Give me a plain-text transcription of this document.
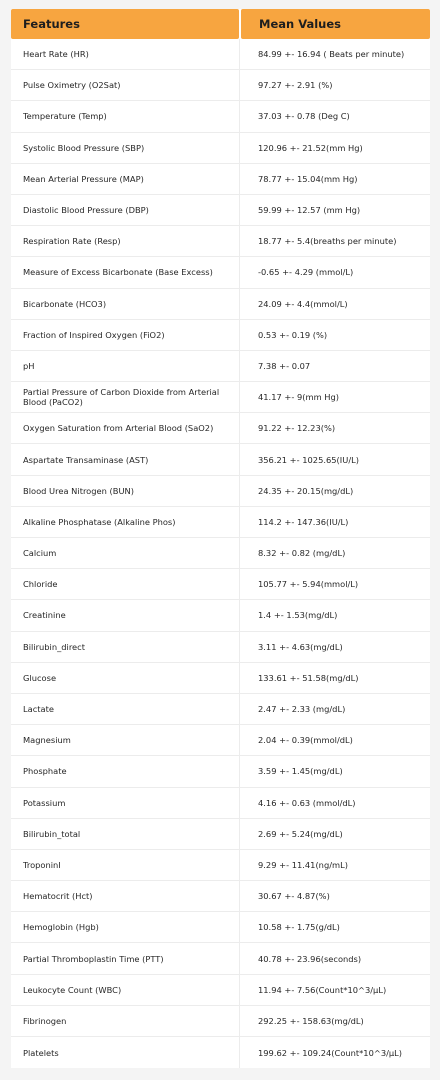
Features	Mean Values
Heart Rate (HR)	84.99 +- 16.94 ( Beats per minute)
Pulse Oximetry (O2Sat)	97.27 +- 2.91 (%)
Temperature (Temp)	37.03 +- 0.78 (Deg C)
Systolic Blood Pressure (SBP)	120.96 +- 21.52(mm Hg)
Mean Arterial Pressure (MAP)	78.77 +- 15.04(mm Hg)
Diastolic Blood Pressure (DBP)	59.99 +- 12.57 (mm Hg)
Respiration Rate (Resp)	18.77 +- 5.4(breaths per minute)
Measure of Excess Bicarbonate (Base Excess)	-0.65 +- 4.29 (mmol/L)
Bicarbonate (HCO3)	24.09 +- 4.4(mmol/L)
Fraction of Inspired Oxygen (FiO2)	0.53 +- 0.19 (%)
pH	7.38 +- 0.07
Partial Pressure of Carbon Dioxide from Arterial Blood (PaCO2)	41.17 +- 9(mm Hg)
Oxygen Saturation from Arterial Blood (SaO2)	91.22 +- 12.23(%)
Aspartate Transaminase (AST)	356.21 +- 1025.65(IU/L)
Blood Urea Nitrogen (BUN)	24.35 +- 20.15(mg/dL)
Alkaline Phosphatase (Alkaline Phos)	114.2 +- 147.36(IU/L)
Calcium	8.32 +- 0.82 (mg/dL)
Chloride	105.77 +- 5.94(mmol/L)
Creatinine	1.4 +- 1.53(mg/dL)
Bilirubin_direct	3.11 +- 4.63(mg/dL)
Glucose	133.61 +- 51.58(mg/dL)
Lactate	2.47 +- 2.33 (mg/dL)
Magnesium	2.04 +- 0.39(mmol/dL)
Phosphate	3.59 +- 1.45(mg/dL)
Potassium	4.16 +- 0.63 (mmol/dL)
Bilirubin_total	2.69 +- 5.24(mg/dL)
TroponinI	9.29 +- 11.41(ng/mL)
Hematocrit (Hct)	30.67 +- 4.87(%)
Hemoglobin (Hgb)	10.58 +- 1.75(g/dL)
Partial Thromboplastin Time (PTT)	40.78 +- 23.96(seconds)
Leukocyte Count (WBC)	11.94 +- 7.56(Count*10^3/µL)
Fibrinogen	292.25 +- 158.63(mg/dL)
Platelets	199.62 +- 109.24(Count*10^3/µL)
